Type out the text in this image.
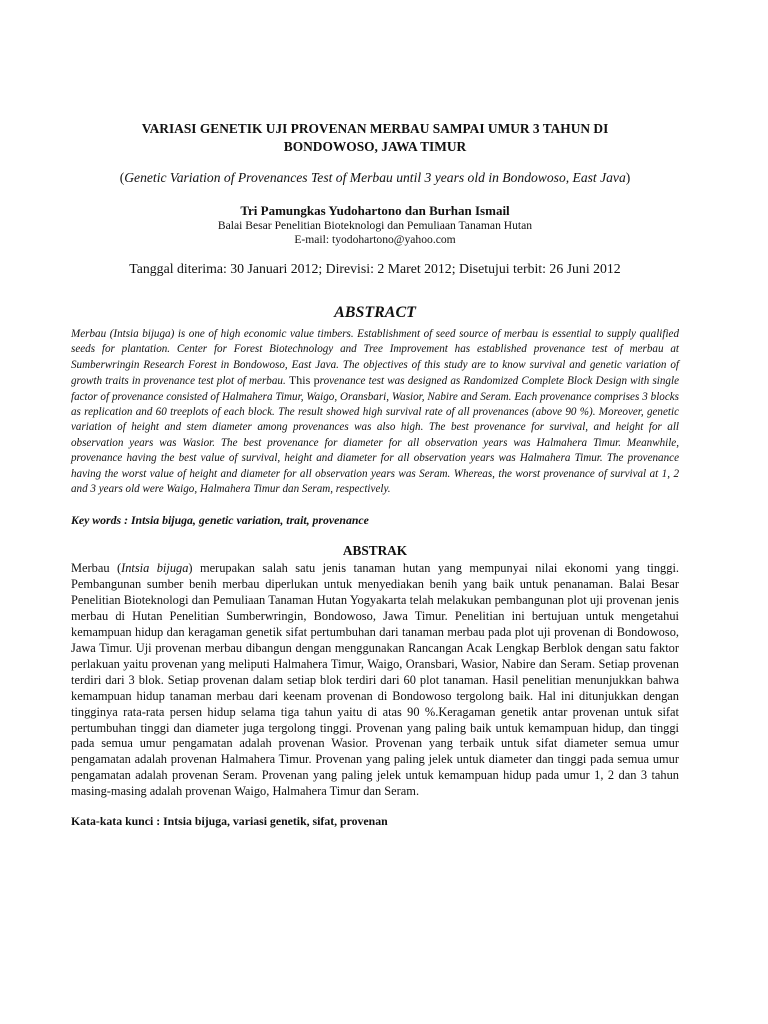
VARIASI GENETIK UJI PROVENAN MERBAU SAMPAI UMUR 3 TAHUN DI
BONDOWOSO, JAWA TIMUR
(Genetic Variation of Provenances Test of Merbau until 3 years old in Bondowoso, East Java)
Tri Pamungkas Yudohartono dan Burhan Ismail
Balai Besar Penelitian Bioteknologi dan Pemuliaan Tanaman Hutan
E-mail: tyodohartono@yahoo.com
Tanggal diterima: 30 Januari 2012; Direvisi: 2 Maret 2012; Disetujui terbit: 26 Juni 2012
ABSTRACT
Merbau (Intsia bijuga) is one of high economic value timbers. Establishment of seed source of merbau is essential to supply qualified seeds for plantation. Center for Forest Biotechnology and Tree Improvement has established provenance test of merbau at Sumberwringin Research Forest in Bondowoso, East Java. The objectives of this study are to know survival and genetic variation of growth traits in provenance test plot of merbau. This provenance test was designed as Randomized Complete Block Design with single factor of provenance consisted of Halmahera Timur, Waigo, Oransbari, Wasior, Nabire and Seram. Each provenance comprises 3 blocks as replication and 60 treeplots of each block. The result showed high survival rate of all provenances (above 90 %). Moreover, genetic variation of height and stem diameter among provenances was also high. The best provenance for survival, and height for all observation years was Wasior. The best provenance for diameter for all observation years was Halmahera Timur. Meanwhile, provenance having the best value of survival, height and diameter for all observation years was Halmahera Timur. The provenance having the worst value of height and diameter for all observation years was Seram. Whereas, the worst provenance of survival at 1, 2 and 3 years old were Waigo, Halmahera Timur dan Seram, respectively.
Key words : Intsia bijuga, genetic variation, trait, provenance
ABSTRAK
Merbau (Intsia bijuga) merupakan salah satu jenis tanaman hutan yang mempunyai nilai ekonomi yang tinggi. Pembangunan sumber benih merbau diperlukan untuk menyediakan benih yang baik untuk penanaman. Balai Besar Penelitian Bioteknologi dan Pemuliaan Tanaman Hutan Yogyakarta telah melakukan pembangunan plot uji provenan jenis merbau di Hutan Penelitian Sumberwringin, Bondowoso, Jawa Timur. Penelitian ini bertujuan untuk mengetahui kemampuan hidup dan keragaman genetik sifat pertumbuhan dari tanaman merbau pada plot uji provenan di Bondowoso, Jawa Timur. Uji provenan merbau dibangun dengan menggunakan Rancangan Acak Lengkap Berblok dengan satu faktor perlakuan yaitu provenan yang meliputi Halmahera Timur, Waigo, Oransbari, Wasior, Nabire dan Seram. Setiap provenan terdiri dari 3 blok. Setiap provenan dalam setiap blok terdiri dari 60 plot tanaman. Hasil penelitian menunjukkan bahwa kemampuan hidup tanaman merbau dari keenam provenan di Bondowoso tergolong baik. Hal ini ditunjukkan dengan tingginya rata-rata persen hidup selama tiga tahun yaitu di atas 90 %.Keragaman genetik antar provenan untuk sifat pertumbuhan tinggi dan diameter juga tergolong tinggi. Provenan yang paling baik untuk kemampuan hidup, dan tinggi pada semua umur pengamatan adalah provenan Wasior. Provenan yang terbaik untuk sifat diameter semua umur pengamatan adalah provenan Halmahera Timur. Provenan yang paling jelek untuk diameter dan tinggi pada semua umur pengamatan adalah provenan Seram. Provenan yang paling jelek untuk kemampuan hidup pada umur 1, 2 dan 3 tahun masing-masing adalah provenan Waigo, Halmahera Timur dan Seram.
Kata-kata kunci : Intsia bijuga, variasi genetik, sifat, provenan
